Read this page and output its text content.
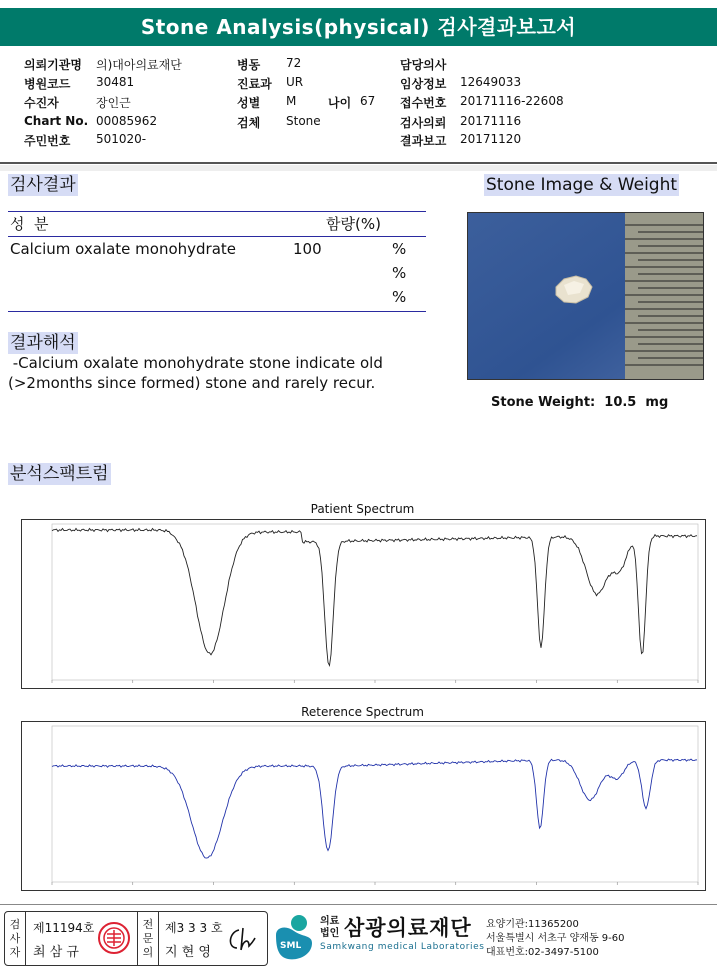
Stone Analysis(physical) 검사결과보고서
의뢰기관명 의)대아의료재단
병원코드 30481
수진자	장인근
Chart No. 00085962
주민번호 501020-
병동 72
진료과 UR
성별 M	나이 67
검체 Stone
담당의사
임상정보 12649033
접수번호 20171116-22608
검사의뢰 20171116
결과보고 20171120
검사결과
성  분	함량(%)
Calcium oxalate monohydrate	100	%
%
%
결과해석
-Calcium oxalate monohydrate stone indicate old
(>2months since formed) stone and rarely recur.
Stone Image & Weight
Stone Weight:  10.5  mg
분석스팩트럼
Patient Spectrum
Reterence Spectrum
검사자
제11194호
최 삼 규
전문의
제3 3 3 호
지 현 영	SML
의료법인 삼광의료재단
Samkwang medical Laboratories
요양기관:11365200
서울특별시 서초구 양재동 9-60
대표번호:02-3497-5100
